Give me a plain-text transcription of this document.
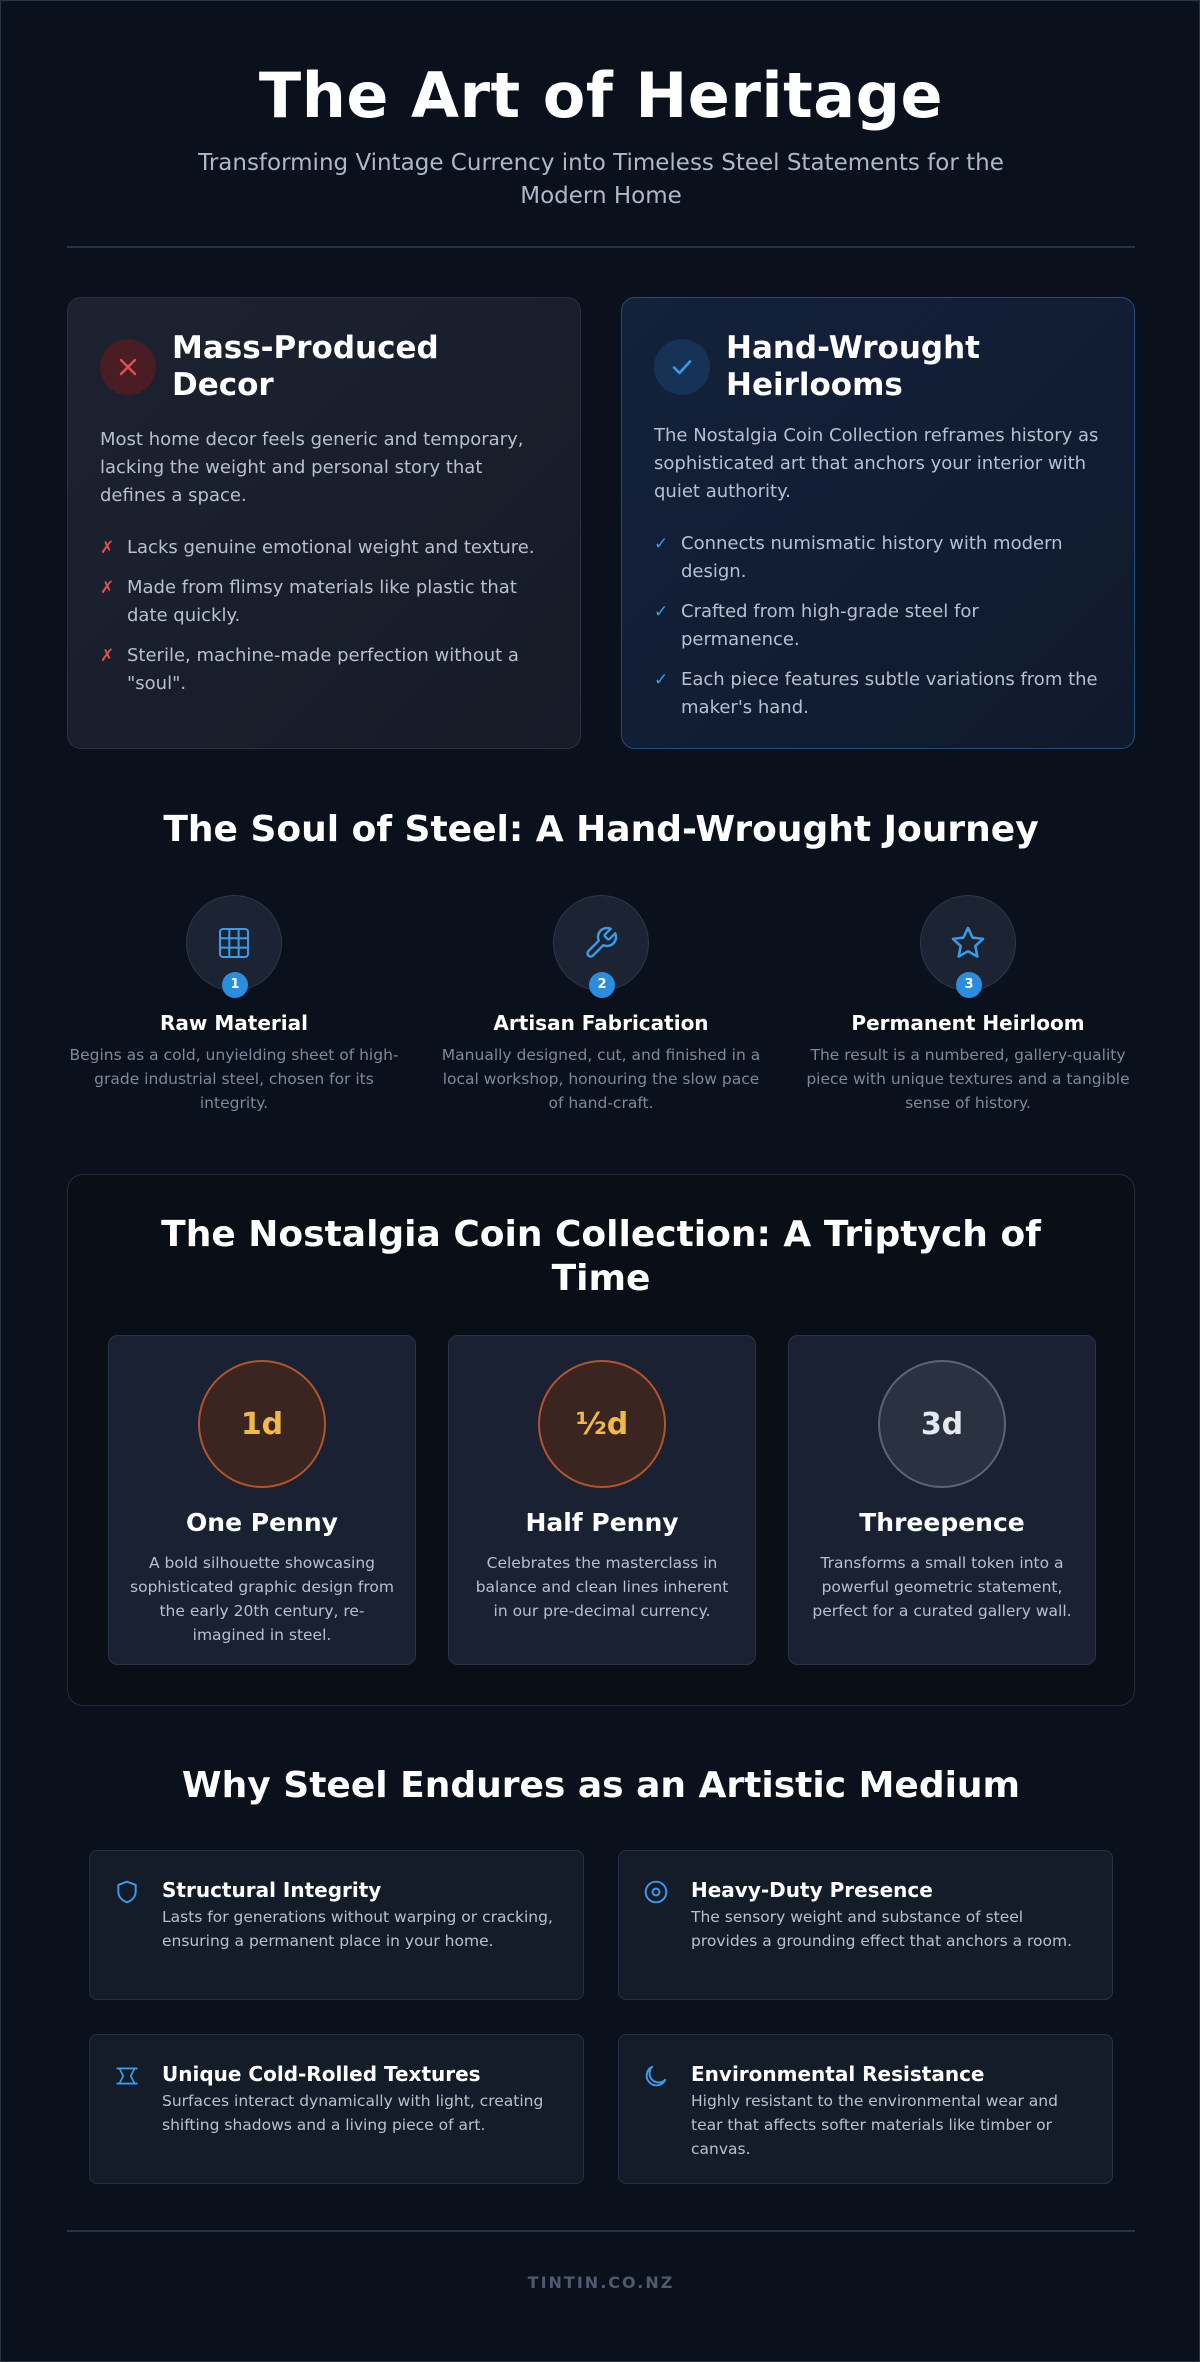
The Art of Heritage

Transforming Vintage Currency into Timeless Steel Statements for the Modern Home

Mass-Produced Decor

Most home decor feels generic and temporary, lacking the weight and personal story that defines a space.

✗ Lacks genuine emotional weight and texture.
✗ Made from flimsy materials like plastic that date quickly.
✗ Sterile, machine-made perfection without a "soul".
Hand-Wrought Heirlooms

The Nostalgia Coin Collection reframes history as sophisticated art that anchors your interior with quiet authority.

✓ Connects numismatic history with modern design.
✓ Crafted from high-grade steel for permanence.
✓ Each piece features subtle variations from the maker's hand.
The Soul of Steel: A Hand-Wrought Journey
1
Raw Material

Begins as a cold, unyielding sheet of high-grade industrial steel, chosen for its integrity.

2
Artisan Fabrication

Manually designed, cut, and finished in a local workshop, honouring the slow pace of hand-craft.

3
Permanent Heirloom

The result is a numbered, gallery-quality piece with unique textures and a tangible sense of history.

The Nostalgia Coin Collection: A Triptych of Time
1d
One Penny

A bold silhouette showcasing sophisticated graphic design from the early 20th century, re-imagined in steel.

½d
Half Penny

Celebrates the masterclass in balance and clean lines inherent in our pre-decimal currency.

3d
Threepence

Transforms a small token into a powerful geometric statement, perfect for a curated gallery wall.

Why Steel Endures as an Artistic Medium
Structural Integrity

Lasts for generations without warping or cracking, ensuring a permanent place in your home.

Heavy-Duty Presence

The sensory weight and substance of steel provides a grounding effect that anchors a room.

Unique Cold-Rolled Textures

Surfaces interact dynamically with light, creating shifting shadows and a living piece of art.

Environmental Resistance

Highly resistant to the environmental wear and tear that affects softer materials like timber or canvas.

TINTIN.CO.NZ
